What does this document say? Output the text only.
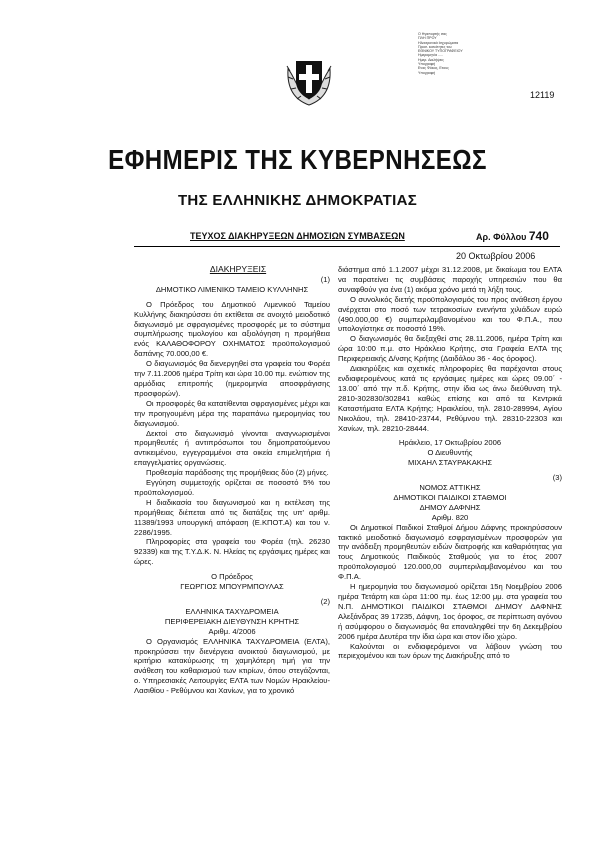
Ο Ηγαπορτής σας
ΠΛΗ ΠΡΟΥ
Ηλεκτρονικά Ισχυρώματα
Προσ. κοινότητες του
ΕΘΝΙΚΟΥ ΤΥΠΟΓΡΑΦΕΙΟΥ
Ημερομηνία .....
Ημερ. Διαλήψεις
Υπογραφή
Ενας Φόκος, Ετους
Υπογραφή
12119
ΕΦΗΜΕΡΙΣ ΤΗΣ ΚΥΒΕΡΝΗΣΕΩΣ
ΤΗΣ ΕΛΛΗΝΙΚΗΣ ΔΗΜΟΚΡΑΤΙΑΣ
ΤΕΥΧΟΣ ΔΙΑΚΗΡΥΞΕΩΝ ΔΗΜΟΣΙΩΝ ΣΥΜΒΑΣΕΩΝ	Αρ. Φύλλου 740
20 Οκτωβρίου 2006

ΔΙΑΚΗΡΥΞΕΙΣ

(1)

ΔΗΜΟΤΙΚΟ ΛΙΜΕΝΙΚΟ ΤΑΜΕΙΟ ΚΥΛΛΗΝΗΣ

Ο Πρόεδρος του Δημοτικού Λιμενικού Ταμείου Κυλλήνης διακηρύσσει ότι εκτίθεται σε ανοιχτό μειοδοτικό διαγωνισμό με σφραγισμένες προσφορές με το σύστημα συμπλήρωσης τιμολογίου και αξιολόγηση η προμήθεια ενός ΚΑΛΑΘΟΦΟΡΟΥ ΟΧΗΜΑΤΟΣ προϋπολογισμού δαπάνης 70.000,00 €.

Ο διαγωνισμός θα διενεργηθεί στα γραφεία του Φορέα την 7.11.2006 ημέρα Τρίτη και ώρα 10.00 πμ. ενώπιον της αρμόδιας επιτροπής (ημερομηνία αποσφράγισης προσφορών).

Οι προσφορές θα κατατίθενται σφραγισμένες μέχρι και την προηγουμένη μέρα της παραπάνω ημερομηνίας του διαγωνισμού.

Δεκτοί στο διαγωνισμό γίνονται αναγνωρισμένοι προμηθευτές ή αντιπρόσωποι του δημοπρατούμενου αντικειμένου, εγγεγραμμένοι στα οικεία επιμελητήρια ή επαγγελματίες οργανώσεις.

Προθεσμία παράδοσης της προμήθειας δύο (2) μήνες.

Εγγύηση συμμετοχής ορίζεται σε ποσοστό 5% του προϋπολογισμού.

Η διαδικασία του διαγωνισμού και η εκτέλεση της προμήθειας διέπεται από τις διατάξεις της υπ' αριθμ. 11389/1993 υπουργική απόφαση (Ε.ΚΠΟΤ.Α) και του ν. 2286/1995.

Πληροφορίες στα γραφεία του Φορέα (τηλ. 26230 92339) και της Τ.Υ.Δ.Κ. Ν. Ηλείας τις εργάσιμες ημέρες και ώρες.

Ο Πρόεδρος

ΓΕΩΡΓΙΟΣ ΜΠΟΥΡΜΠΟΥΛΑΣ

(2)

ΕΛΛΗΝΙΚΑ ΤΑΧΥΔΡΟΜΕΙΑ

ΠΕΡΙΦΕΡΕΙΑΚΗ ΔΙΕΥΘΥΝΣΗ ΚΡΗΤΗΣ

Αριθμ. 4/2006

Ο Οργανισμός ΕΛΛΗΝΙΚΑ ΤΑΧΥΔΡΟΜΕΙΑ (ΕΛΤΑ), προκηρύσσει την διενέργεια ανοικτού διαγωνισμού, με κριτήριο κατακύρωσης τη χαμηλότερη τιμή για την ανάθεση του καθαρισμού των κτιρίων, όπου στεγάζονται, ο. Υπηρεσιακές Λειτουργίες ΕΛΤΑ των Νομών Ηρακλείου-Λασιθίου - Ρεθύμνου και Χανίων, για το χρονικό

διάστημα από 1.1.2007 μέχρι 31.12.2008, με δικαίωμα του ΕΛΤΑ να παρατείνει τις συμβάσεις παροχής υπηρεσιών που θα συναφθούν για ένα (1) ακόμα χρόνο μετά τη λήξη τους.

Ο συνολικός διετής προϋπολογισμός του προς ανάθεση έργου ανέρχεται στο ποσό των τετρακοσίων ενενήντα χιλιάδων ευρώ (490.000,00 €) συμπεριλαμβανομένου και του Φ.Π.Α., που υπολογίστηκε σε ποσοστό 19%.

Ο διαγωνισμός θα διεξαχθεί στις 28.11.2006, ημέρα Τρίτη και ώρα 10:00 π.μ. στο Ηράκλειο Κρήτης, στα Γραφεία ΕΛΤΑ της Περιφερειακής Δ/νσης Κρήτης (Δαιδάλου 36 - 4ος όροφος).

Διακηρύξεις και σχετικές πληροφορίες θα παρέχονται στους ενδιαφερομένους κατά τις εργάσιμες ημέρες και ώρες 09.00΄ - 13.00΄ από την π.δ. Κρήτης, στην ίδια ως άνω διεύθυνση τηλ. 2810-302830/302841 καθώς επίσης και από τα Κεντρικά Καταστήματα ΕΛΤΑ Κρήτης: Ηρακλείου, τηλ. 2810-289994, Αγίου Νικολάου, τηλ. 28410-23744, Ρεθύμνου τηλ. 28310-22303 και Χανίων, τηλ. 28210-28444.

Ηράκλειο, 17 Οκτωβρίου 2006

Ο Διευθυντής

ΜΙΧΑΗΛ ΣΤΑΥΡΑΚΑΚΗΣ

(3)

ΝΟΜΟΣ ΑΤΤΙΚΗΣ

ΔΗΜΟΤΙΚΟΙ ΠΑΙΔΙΚΟΙ ΣΤΑΘΜΟΙ

ΔΗΜΟΥ ΔΑΦΝΗΣ

Αριθμ. 820

Οι Δημοτικοί Παιδικοί Σταθμοί Δήμου Δάφνης προκηρύσσουν τακτικό μειοδοτικό διαγωνισμό εσφραγισμένων προσφορών για την ανάδειξη προμηθευτών ειδών διατροφής και καθαριότητας για τους Δημοτικούς Παιδικούς Σταθμούς για το έτος 2007 προϋπολογισμού 120.000,00 συμπεριλαμβανομένου και του Φ.Π.Α.

Η ημερομηνία του διαγωνισμού ορίζεται 15η Νοεμβρίου 2006 ημέρα Τετάρτη και ώρα 11:00 πμ. έως 12:00 μμ. στα γραφεία του Ν.Π. ΔΗΜΟΤΙΚΟΙ ΠΑΙΔΙΚΟΙ ΣΤΑΘΜΟΙ ΔΗΜΟΥ ΔΑΦΝΗΣ Αλεξάνδρας 39 17235, Δάφνη, 1ος όροφος, σε περίπτωση αγόνου ή ασύμφορου ο διαγωνισμός θα επαναληφθεί την 6η Δεκεμβρίου 2006 ημέρα Δευτέρα την ίδια ώρα και στον ίδιο χώρο.

Καλούνται οι ενδιαφερόμενοι να λάβουν γνώση του περιεχομένου και των όρων της Διακήρυξης από το
